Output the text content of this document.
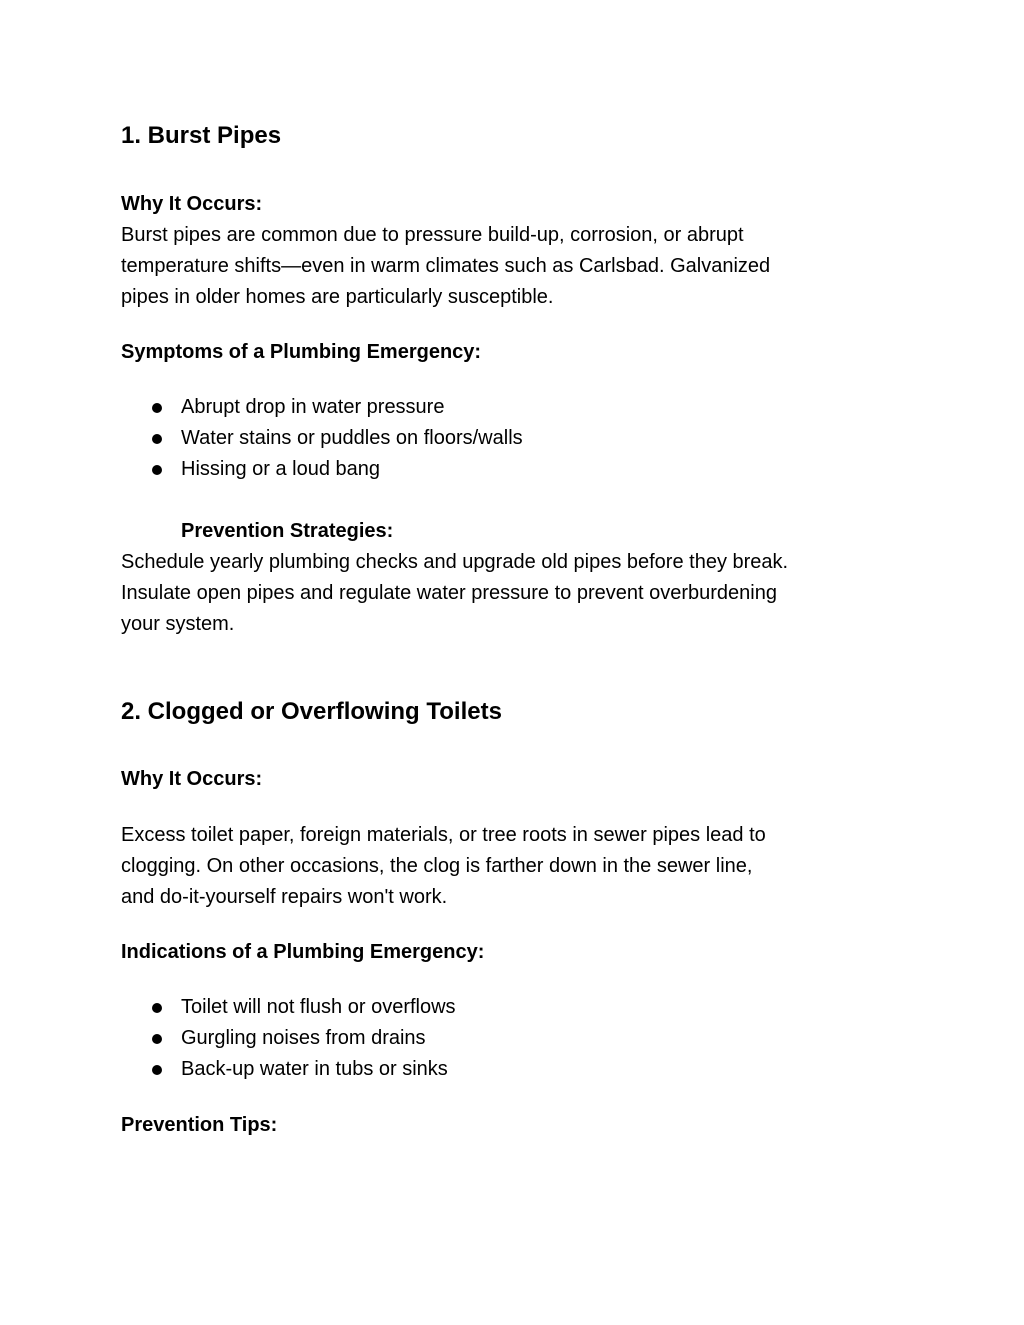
1. Burst Pipes
Why It Occurs:

Burst pipes are common due to pressure build-up, corrosion, or abrupt

temperature shifts—even in warm climates such as Carlsbad. Galvanized

pipes in older homes are particularly susceptible.

Symptoms of a Plumbing Emergency:
Abrupt drop in water pressure
Water stains or puddles on floors/walls
Hissing or a loud bang
Prevention Strategies:

Schedule yearly plumbing checks and upgrade old pipes before they break.

Insulate open pipes and regulate water pressure to prevent overburdening

your system.

2. Clogged or Overflowing Toilets
Why It Occurs:

Excess toilet paper, foreign materials, or tree roots in sewer pipes lead to

clogging. On other occasions, the clog is farther down in the sewer line,

and do-it-yourself repairs won't work.

Indications of a Plumbing Emergency:
Toilet will not flush or overflows
Gurgling noises from drains
Back-up water in tubs or sinks
Prevention Tips:
